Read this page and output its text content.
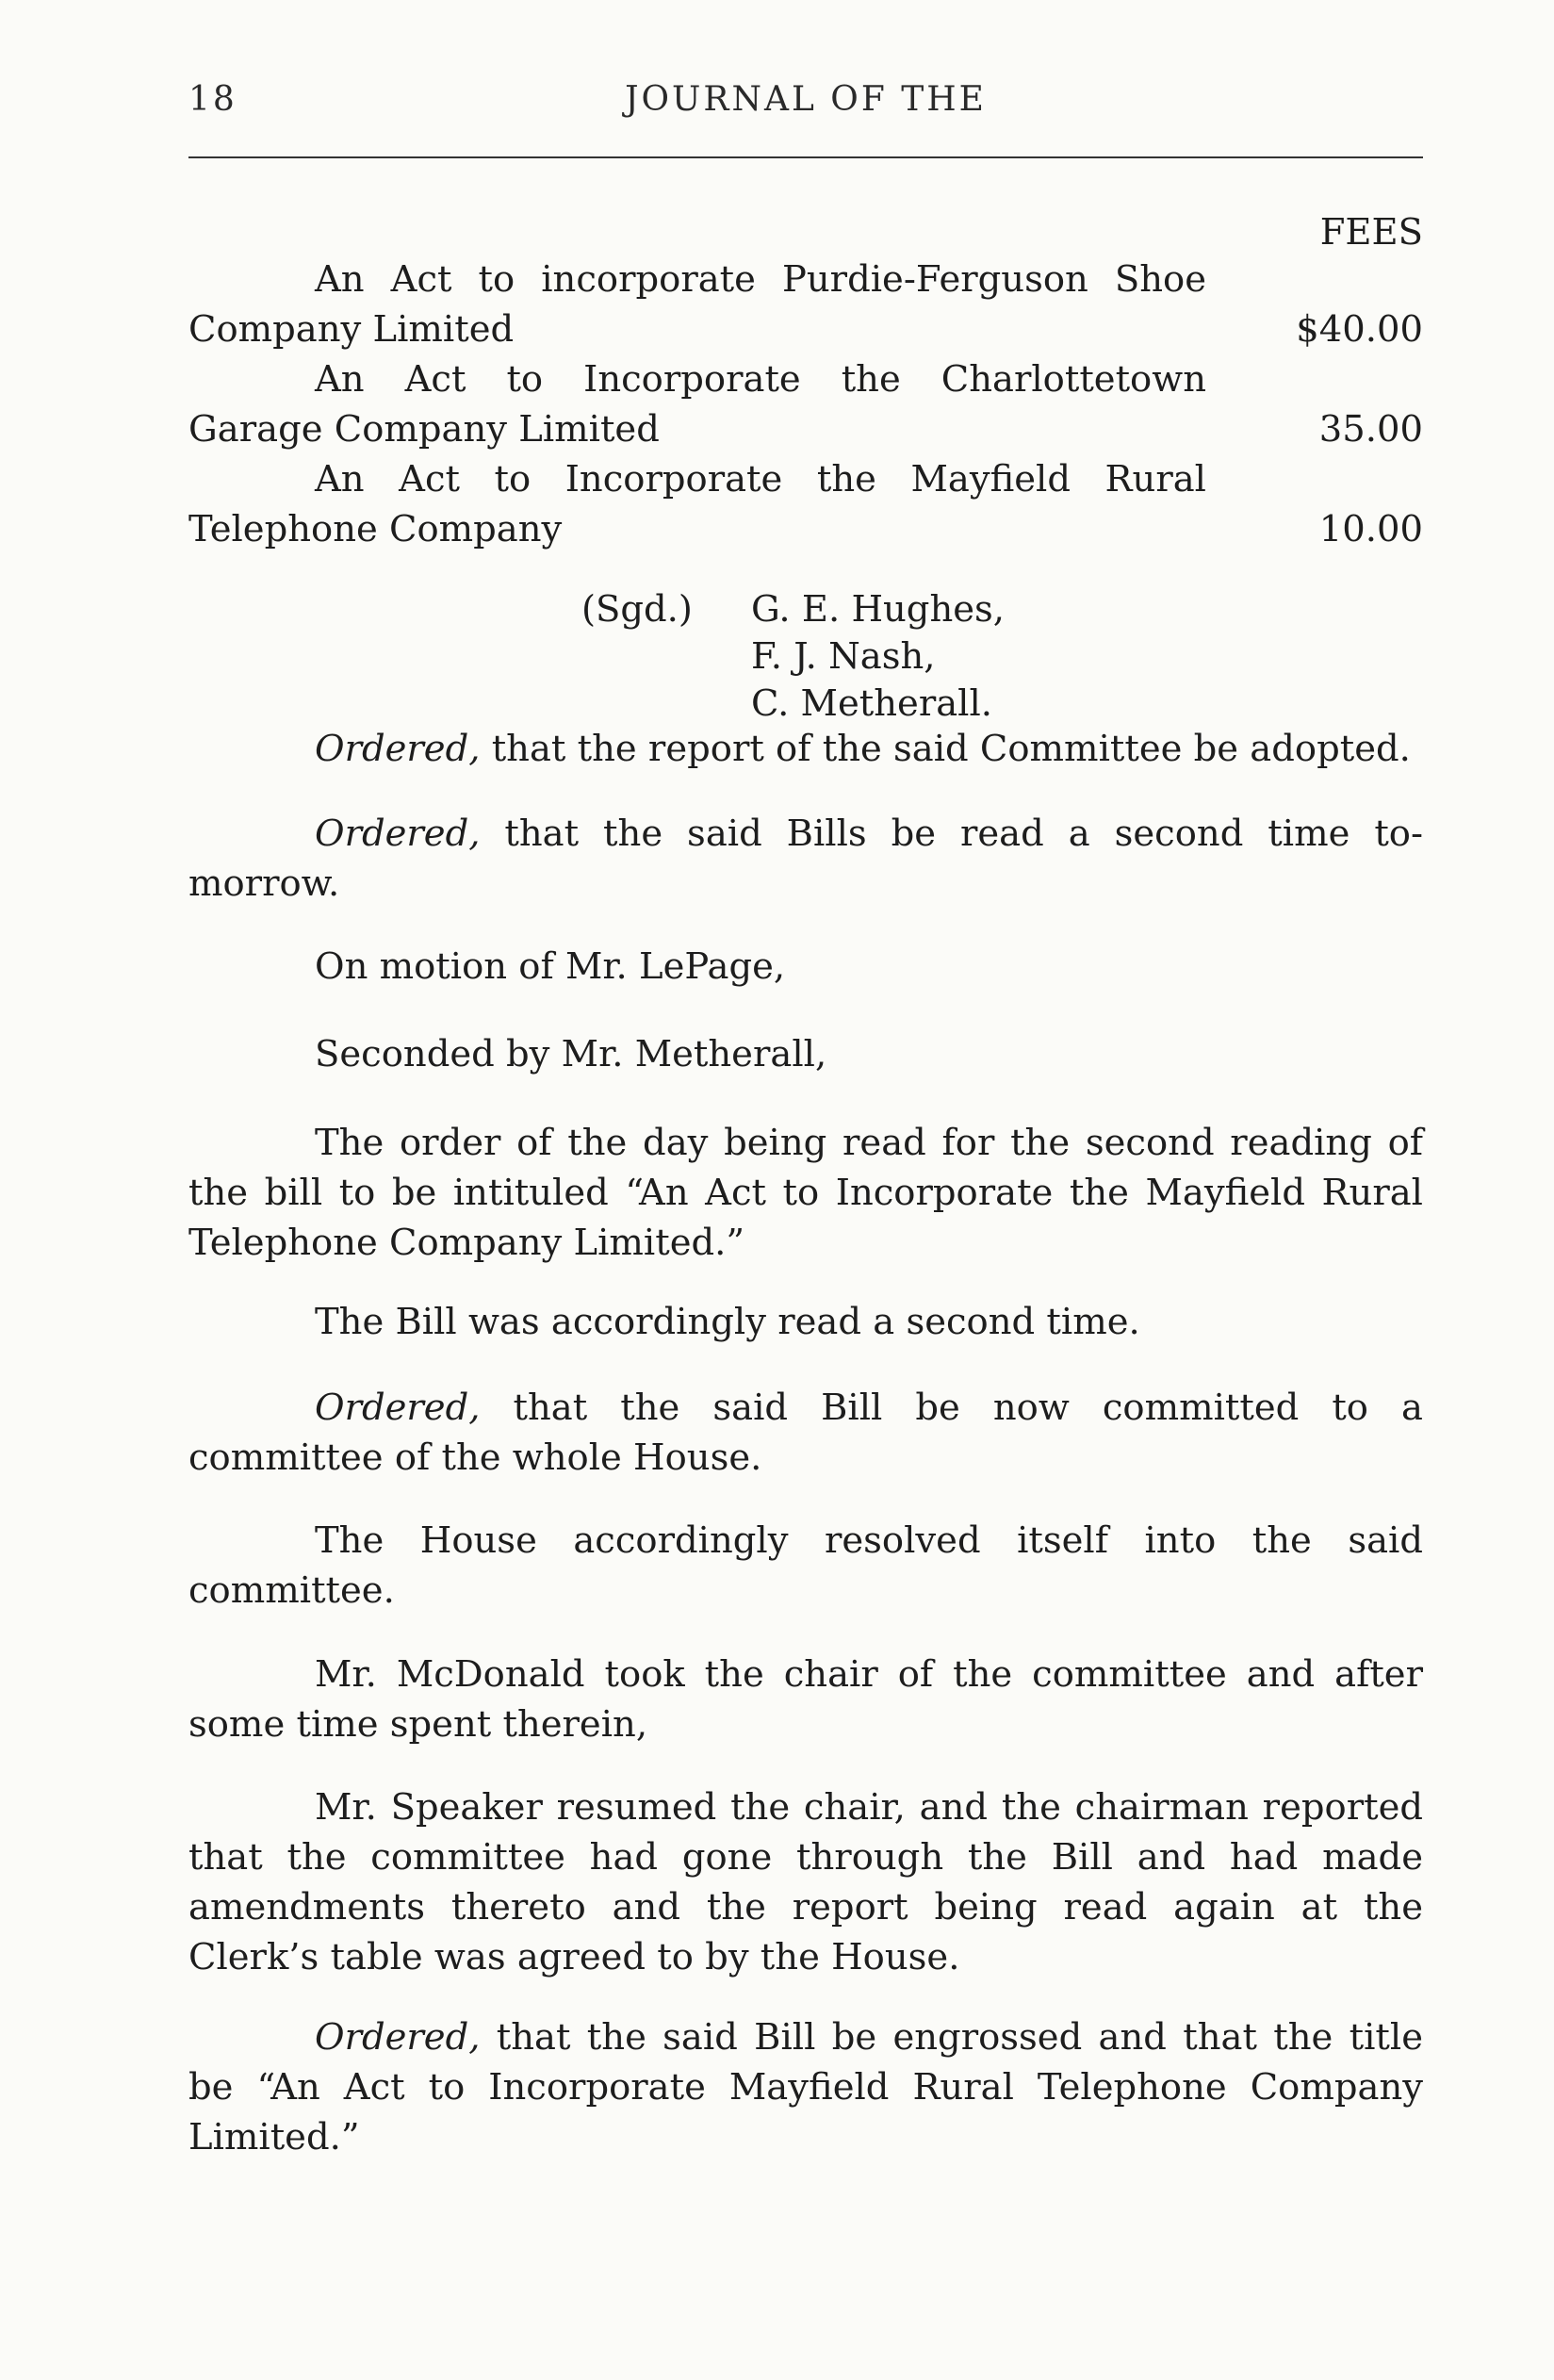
18	JOURNAL OF THE
FEES
An Act to incorporate Purdie-Ferguson Shoe Company Limited	$40.00
An Act to Incorporate the Charlottetown Garage Company Limited	35.00
An Act to Incorporate the Mayfield Rural Telephone Company	10.00
(Sgd.) G. E. Hughes,
F. J. Nash,
C. Metherall.
Ordered, that the report of the said Committee be adopted.
Ordered, that the said Bills be read a second time to-morrow.
On motion of Mr. LePage,
Seconded by Mr. Metherall,
The order of the day being read for the second reading of the bill to be intituled “An Act to Incorporate the Mayfield Rural Telephone Company Limited.”
The Bill was accordingly read a second time.
Ordered, that the said Bill be now committed to a committee of the whole House.
The House accordingly resolved itself into the said committee.
Mr. McDonald took the chair of the committee and after some time spent therein,
Mr. Speaker resumed the chair, and the chairman reported that the committee had gone through the Bill and had made amendments thereto and the report being read again at the Clerk’s table was agreed to by the House.
Ordered, that the said Bill be engrossed and that the title be “An Act to Incorporate Mayfield Rural Telephone Company Limited.”
